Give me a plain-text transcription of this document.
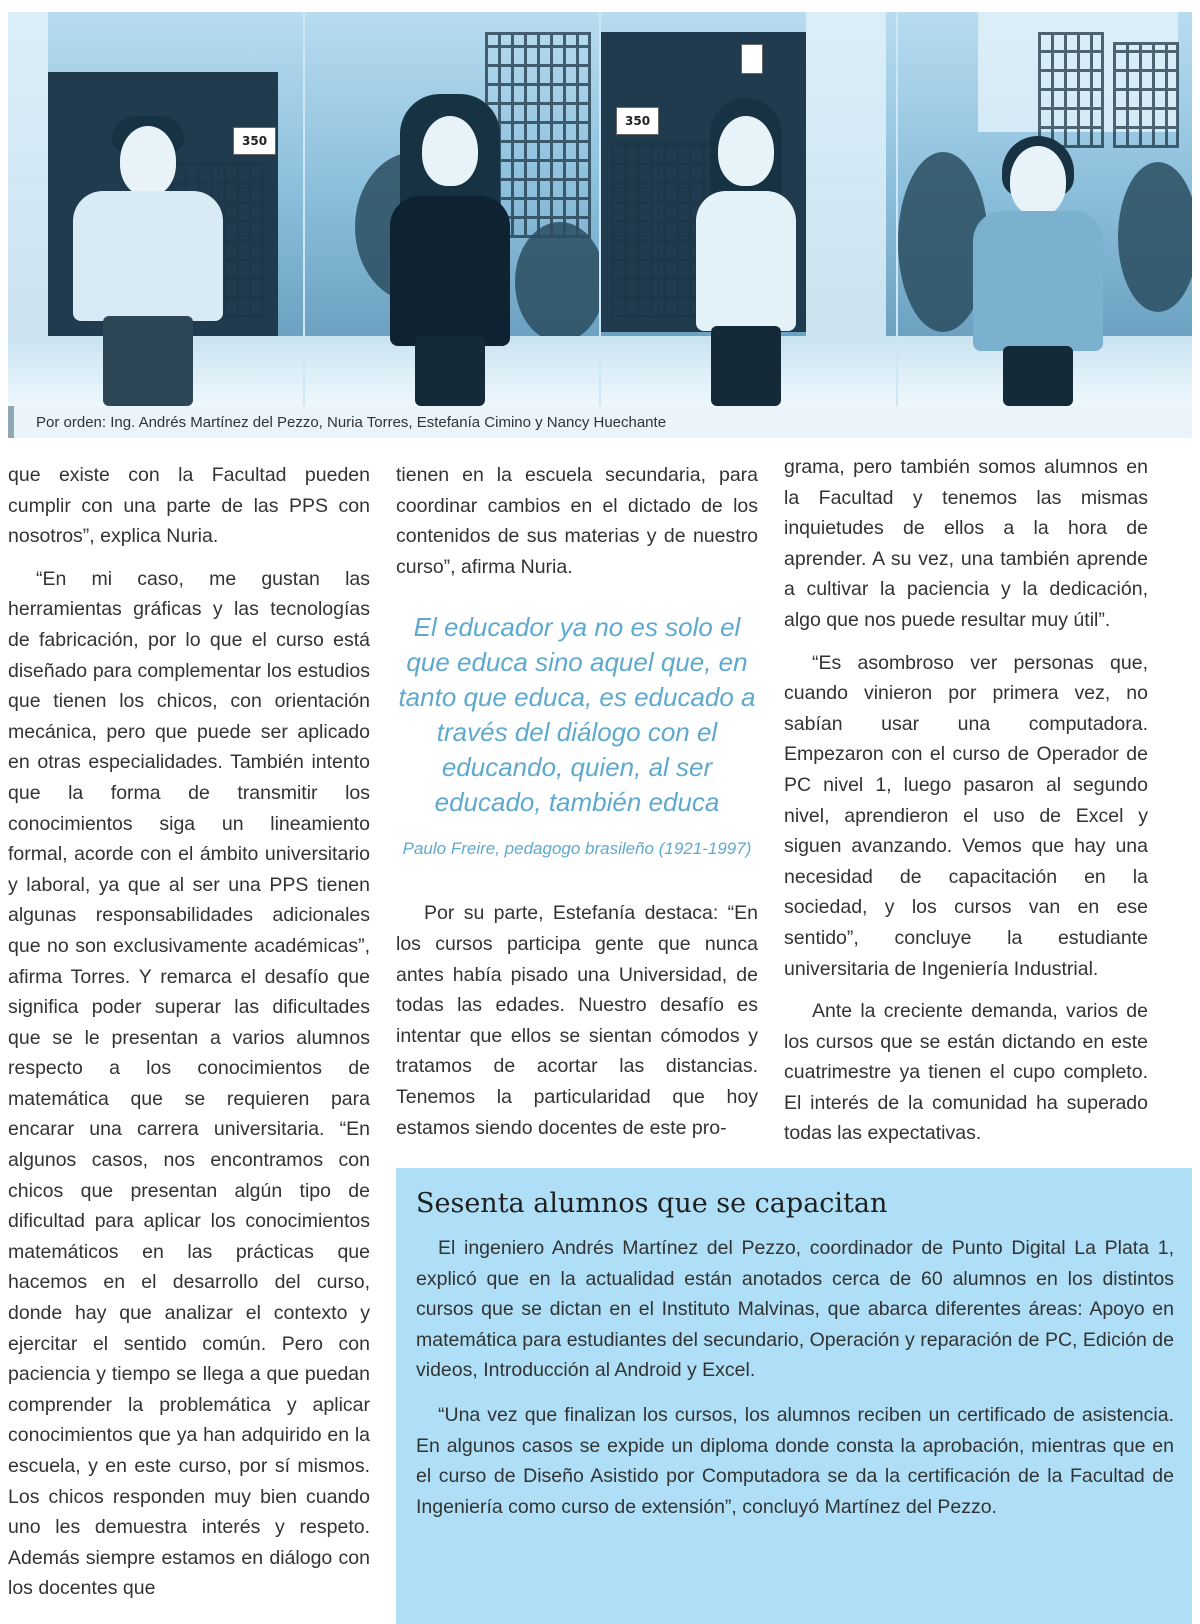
350
350
Por orden: Ing. Andrés Martínez del Pezzo, Nuria Torres, Estefanía Cimino y Nancy Huechante

que existe con la Facultad pueden cumplir con una parte de las PPS con nosotros”, explica Nuria.

“En mi caso, me gustan las herramientas gráficas y las tecnologías de fabricación, por lo que el curso está diseñado para complementar los estudios que tienen los chicos, con orientación mecánica, pero que puede ser aplicado en otras especialidades. También intento que la forma de transmitir los conocimientos siga un lineamiento formal, acorde con el ámbito universitario y laboral, ya que al ser una PPS tienen algunas responsabilidades adicionales que no son exclusivamente académicas”, afirma Torres. Y remarca el desafío que significa poder superar las dificultades que se le presentan a varios alumnos respecto a los conocimientos de matemática que se requieren para encarar una carrera universitaria. “En algunos casos, nos encontramos con chicos que presentan algún tipo de dificultad para aplicar los conocimientos matemáticos en las prácticas que hacemos en el desarrollo del curso, donde hay que analizar el contexto y ejercitar el sentido común. Pero con paciencia y tiempo se llega a que puedan comprender la problemática y aplicar conocimientos que ya han adquirido en la escuela, y en este curso, por sí mismos. Los chicos responden muy bien cuando uno les demuestra interés y respeto. Además siempre estamos en diálogo con los docentes que

tienen en la escuela secundaria, para coordinar cambios en el dictado de los contenidos de sus materias y de nuestro curso”, afirma Nuria.

El educador ya no es solo el que educa sino aquel que, en tanto que educa, es educado a través del diálogo con el educando, quien, al ser educado, también educa
Paulo Freire, pedagogo brasileño (1921-1997)

Por su parte, Estefanía destaca: “En los cursos participa gente que nunca antes había pisado una Universidad, de todas las edades. Nuestro desafío es intentar que ellos se sientan cómodos y tratamos de acortar las distancias. Tenemos la particularidad que hoy estamos siendo docentes de este pro-

grama, pero también somos alumnos en la Facultad y tenemos las mismas inquietudes de ellos a la hora de aprender. A su vez, una también aprende a cultivar la paciencia y la dedicación, algo que nos puede resultar muy útil”.

“Es asombroso ver personas que, cuando vinieron por primera vez, no sabían usar una computadora. Empezaron con el curso de Operador de PC nivel 1, luego pasaron al segundo nivel, aprendieron el uso de Excel y siguen avanzando. Vemos que hay una necesidad de capacitación en la sociedad, y los cursos van en ese sentido”, concluye la estudiante universitaria de Ingeniería Industrial.

Ante la creciente demanda, varios de los cursos que se están dictando en este cuatrimestre ya tienen el cupo completo. El interés de la comunidad ha superado todas las expectativas.

Sesenta alumnos que se capacitan

El ingeniero Andrés Martínez del Pezzo, coordinador de Punto Digital La Plata 1, explicó que en la actualidad están anotados cerca de 60 alumnos en los distintos cursos que se dictan en el Instituto Malvinas, que abarca diferentes áreas: Apoyo en matemática para estudiantes del secundario, Operación y reparación de PC, Edición de videos, Introducción al Android y Excel.

“Una vez que finalizan los cursos, los alumnos reciben un certificado de asistencia. En algunos casos se expide un diploma donde consta la aprobación, mientras que en el curso de Diseño Asistido por Computadora se da la certificación de la Facultad de Ingeniería como curso de extensión”, concluyó Martínez del Pezzo.
